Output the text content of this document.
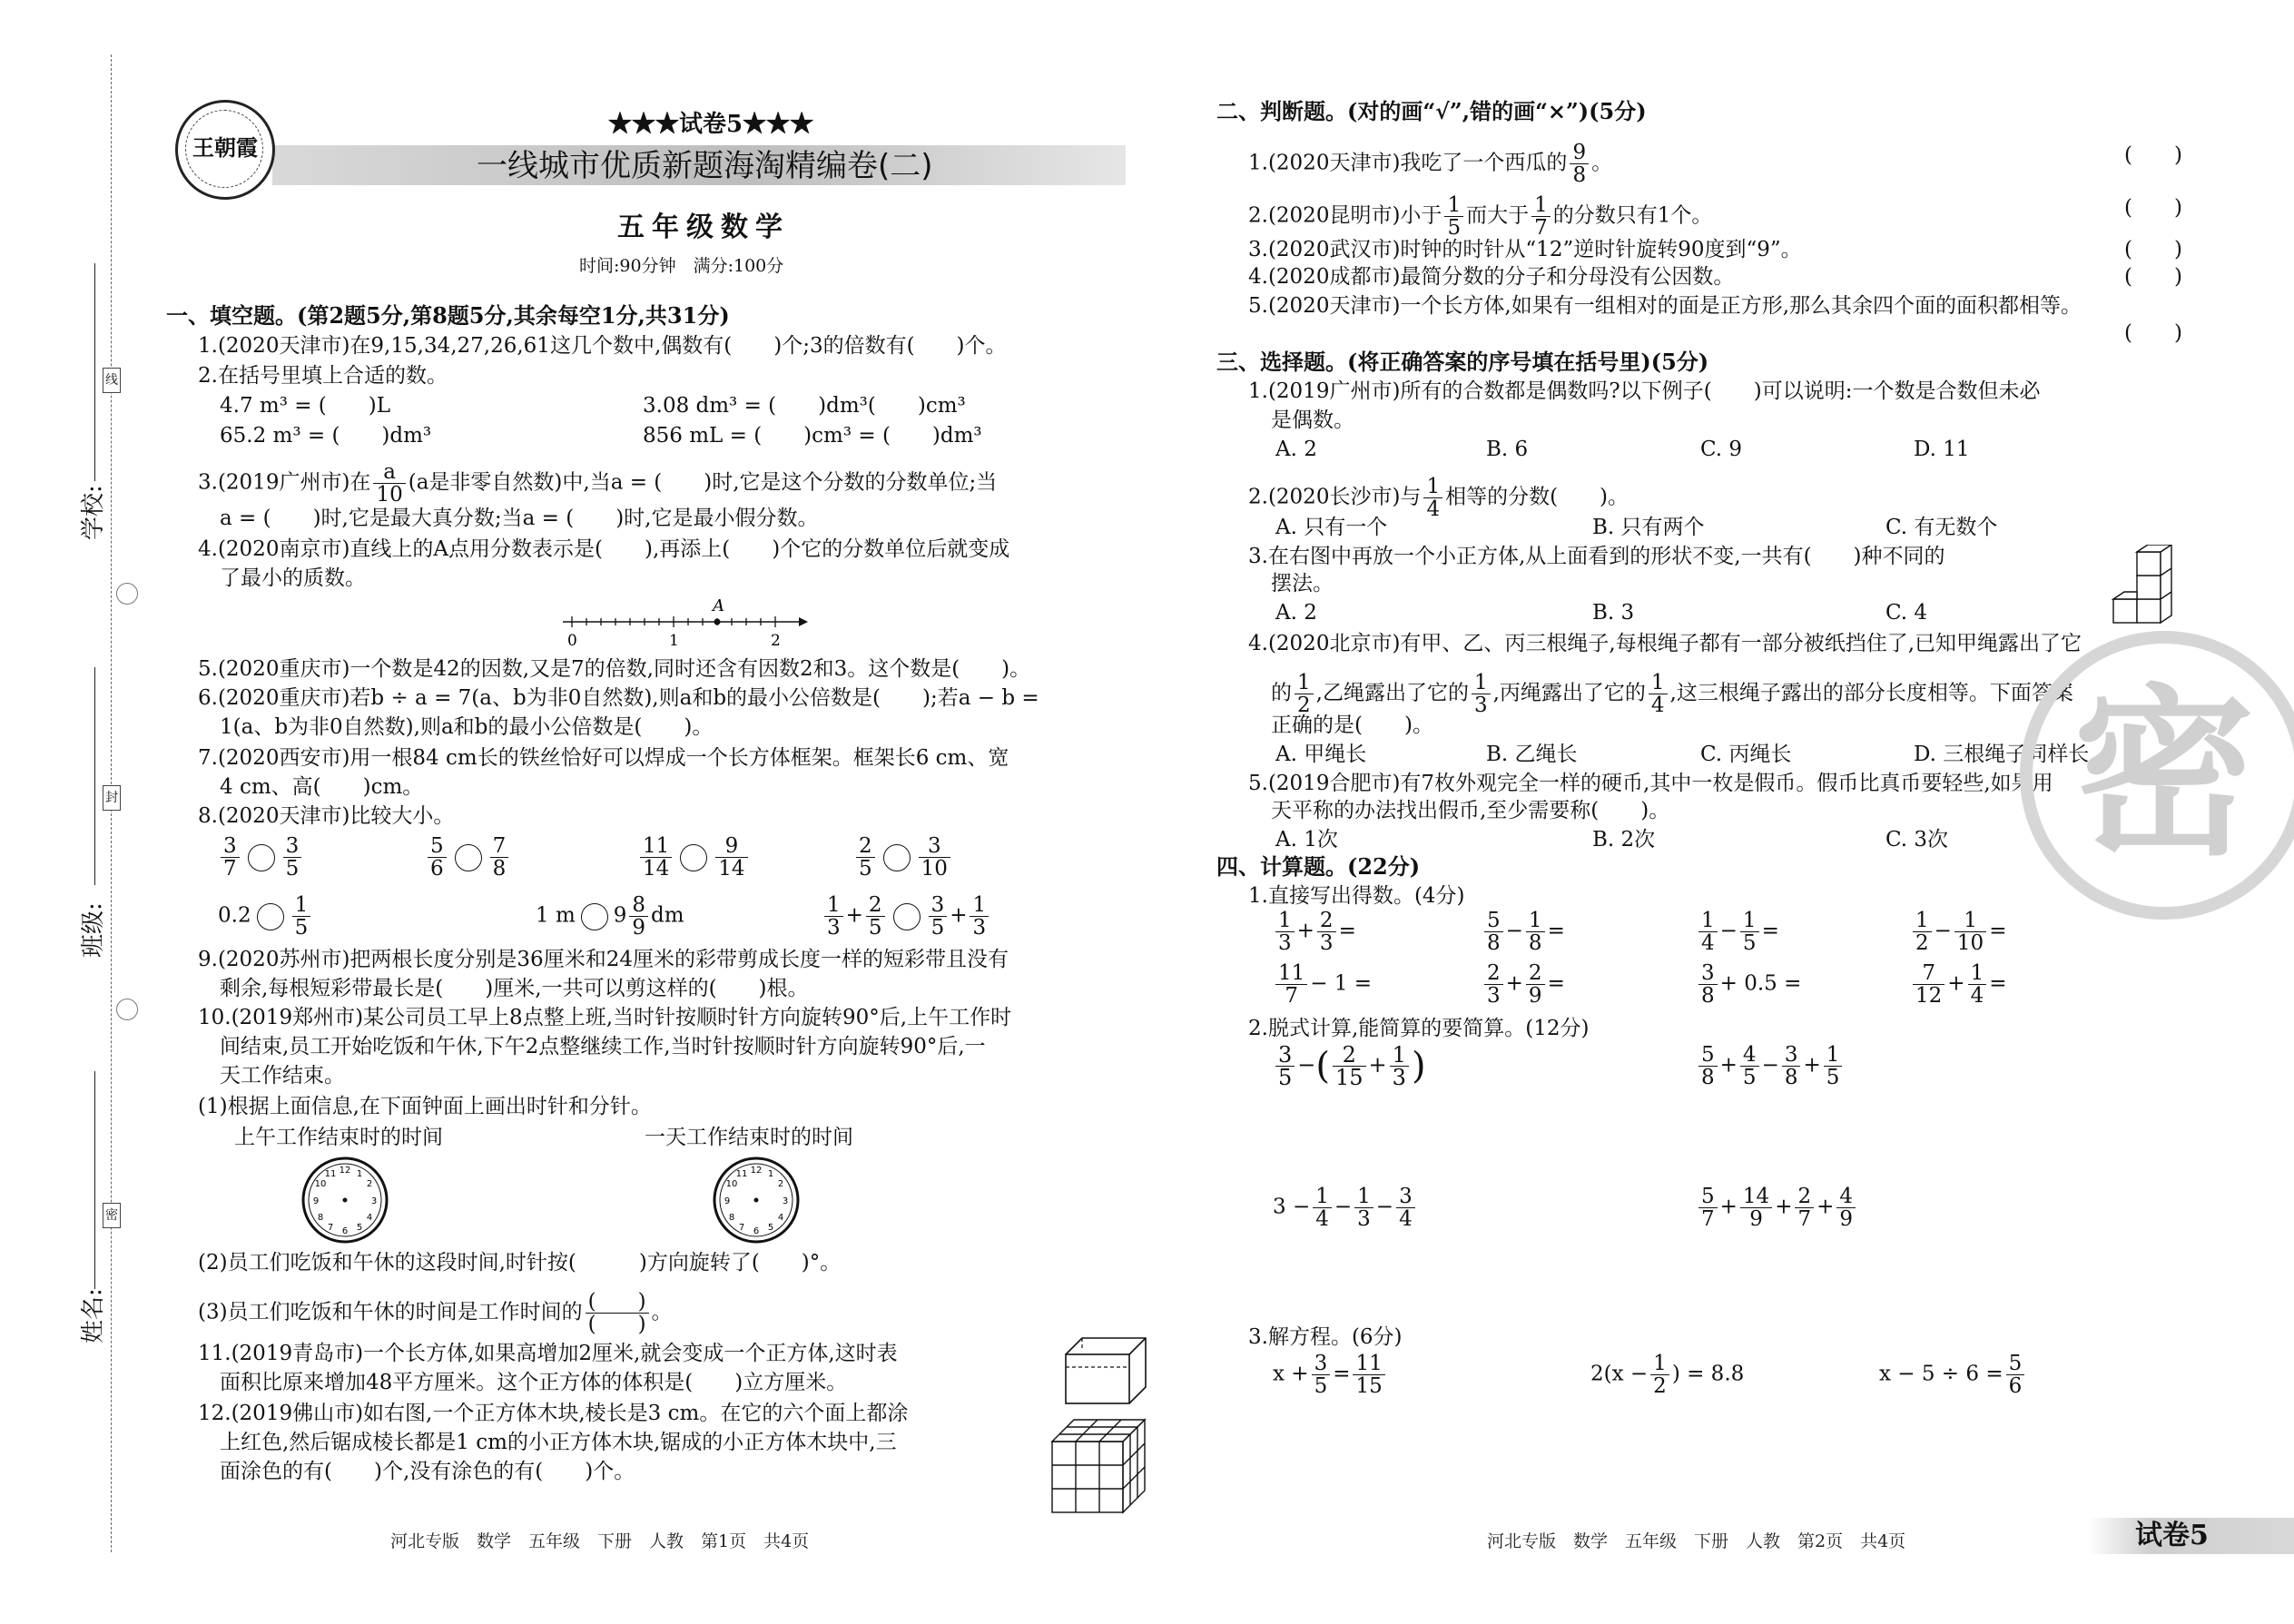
线
封
密
学校:
班级:
姓名:
王朝霞
★★★试卷5★★★
一线城市优质新题海淘精编卷(二)
五年级数学
时间:90分钟　满分:100分
一、填空题。(第2题5分,第8题5分,其余每空1分,共31分)
1.(2020天津市)在9,15,34,27,26,61这几个数中,偶数有(　　)个;3的倍数有(　　)个。
2.在括号里填上合适的数。
4.7 m³ = (　　)L	3.08 dm³ = (　　)dm³(　　)cm³
65.2 m³ = (　　)dm³	856 mL = (　　)cm³ = (　　)dm³
3.(2019广州市)在 $\frac{a}{10} (a$是非零自然数)中,当a = (　　)时,它是这个分数的分数单位;当
a = (　　)时,它是最大真分数;当a = (　　)时,它是最小假分数。
4.(2020南京市)直线上的A点用分数表示是(　　),再添上(　　)个它的分数单位后就变成
了最小的质数。
A
0	1	2
5.(2020重庆市)一个数是42的因数,又是7的倍数,同时还含有因数2和3。这个数是(　　)。
6.(2020重庆市)若b ÷ a = 7(a、b为非0自然数),则a和b的最小公倍数是(　　);若a − b =
1(a、b为非0自然数),则a和b的最小公倍数是(　　)。
7.(2020西安市)用一根84 cm长的铁丝恰好可以焊成一个长方体框架。框架长6 cm、宽
4 cm、高(　　)cm。
8.(2020天津市)比较大小。
$\frac{3}{7} \frac{3}{5}$	$\frac{5}{6} \frac{7}{8}$	$\frac{11}{14} \frac{9}{14}$	$\frac{2}{5} \frac{3}{10}$
$0.2 \frac{1}{5}$	1 m $9 \frac{8}{9}$ dm	$\frac{1}{3} + \frac{2}{5} \frac{3}{5} + \frac{1}{3}$
9.(2020苏州市)把两根长度分别是36厘米和24厘米的彩带剪成长度一样的短彩带且没有
剩余,每根短彩带最长是(　　)厘米,一共可以剪这样的(　　)根。
10.(2019郑州市)某公司员工早上8点整上班,当时针按顺时针方向旋转90°后,上午工作时
间结束,员工开始吃饭和午休,下午2点整继续工作,当时针按顺时针方向旋转90°后,一
天工作结束。
(1)根据上面信息,在下面钟面上画出时针和分针。
上午工作结束时的时间	一天工作结束时的时间
12 1
2
3
4
5
6
7
8
9
10
11	12 1
2
3
4
5
6
7
8
9
10
11
(2)员工们吃饭和午休的这段时间,时针按(　　　)方向旋转了(　　)°。
(3)员工们吃饭和午休的时间是工作时间的 $\frac{( )}{( )}$ 。
11.(2019青岛市)一个长方体,如果高增加2厘米,就会变成一个正方体,这时表
面积比原来增加48平方厘米。这个正方体的体积是(　　)立方厘米。
12.(2019佛山市)如右图,一个正方体木块,棱长是3 cm。在它的六个面上都涂
上红色,然后锯成棱长都是1 cm的小正方体木块,锯成的小正方体木块中,三
面涂色的有(　　)个,没有涂色的有(　　)个。
二、判断题。(对的画“√”,错的画“×”)(5分)
1.(2020天津市)我吃了一个西瓜的 $\frac{9}{8}$ 。	(　　)
2.(2020昆明市)小于 $\frac{1}{5}$ 而大于 $\frac{1}{7}$ 的分数只有1个。	(　　)
3.(2020武汉市)时钟的时针从“12”逆时针旋转90度到“9”。	(　　)
4.(2020成都市)最简分数的分子和分母没有公因数。	(　　)
5.(2020天津市)一个长方体,如果有一组相对的面是正方形,那么其余四个面的面积都相等。
(　　)
三、选择题。(将正确答案的序号填在括号里)(5分)
1.(2019广州市)所有的合数都是偶数吗?以下例子(　　)可以说明:一个数是合数但未必
是偶数。
A. 2	B. 6	C. 9	D. 11
2.(2020长沙市)与 $\frac{1}{4}$ 相等的分数(　　)。
A. 只有一个	B. 只有两个	C. 有无数个
3.在右图中再放一个小正方体,从上面看到的形状不变,一共有(　　)种不同的
摆法。
A. 2	B. 3	C. 4
4.(2020北京市)有甲、乙、丙三根绳子,每根绳子都有一部分被纸挡住了,已知甲绳露出了它
的 $\frac{1}{2}$ ,乙绳露出了它的 $\frac{1}{3}$ ,丙绳露出了它的 $\frac{1}{4}$ ,这三根绳子露出的部分长度相等。下面答案
正确的是(　　)。
A. 甲绳长	B. 乙绳长	C. 丙绳长	D. 三根绳子同样长
5.(2019合肥市)有7枚外观完全一样的硬币,其中一枚是假币。假币比真币要轻些,如果用
天平称的办法找出假币,至少需要称(　　)。
A. 1次	B. 2次	C. 3次
四、计算题。(22分)
1.直接写出得数。(4分)
$\frac{1}{3} + \frac{2}{3}$ =	$\frac{5}{8} - \frac{1}{8}$ =	$\frac{1}{4} - \frac{1}{5}$ =	$\frac{1}{2} - \frac{1}{10}$ =
$\frac{11}{7} - 1$ =	$\frac{2}{3} + \frac{2}{9}$ =	$\frac{3}{8} + 0.5$ =	$\frac{7}{12} + \frac{1}{4}$ =
2.脱式计算,能简算的要简算。(12分)
$\frac{3}{5}$ −( $\frac{2}{15} + \frac{1}{3}$ )	$\frac{5}{8} + \frac{4}{5} - \frac{3}{8} + \frac{1}{5}$
$3 - \frac{1}{4} - \frac{1}{3} - \frac{3}{4}$	$\frac{5}{7} + \frac{14}{9} + \frac{2}{7} + \frac{4}{9}$
3.解方程。(6分)
$x + \frac{3}{5} = \frac{11}{15}$	$2(x - \frac{1}{2}$ ) = 8.8	$x - 5 \div 6 = \frac{5}{6}$
密
河北专版　数学　五年级　下册　人教　第1页　共4页	河北专版　数学　五年级　下册　人教　第2页　共4页	试卷5
